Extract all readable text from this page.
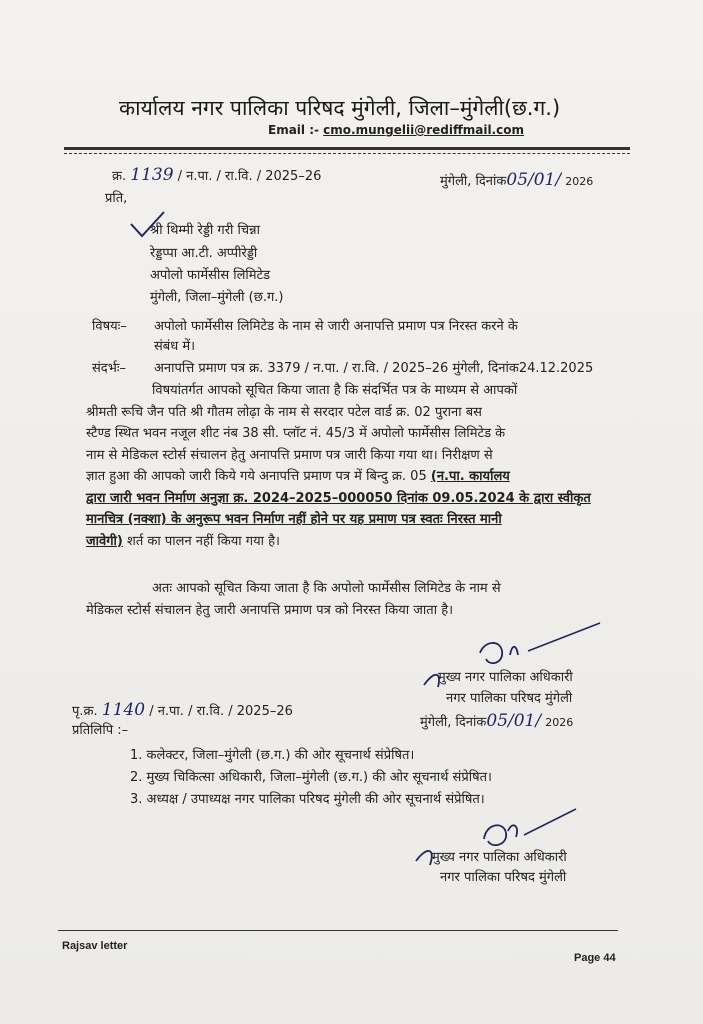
कार्यालय नगर पालिका परिषद मुंगेली, जिला–मुंगेली(छ.ग.)
Email :- cmo.mungelii@rediffmail.com
क्र. 1139 / न.पा. / रा.वि. / 2025–26	मुंगेली, दिनांक05/01/ 2026
प्रति,
श्री थिम्मी रेड्डी गरी चिन्ना
रेड्डप्पा आ.टी. अप्पीरेड्डी
अपोलो फार्मेसीस लिमिटेड
मुंगेली, जिला–मुंगेली (छ.ग.)
विषयः– अपोलो फार्मेसीस लिमिटेड के नाम से जारी अनापत्ति प्रमाण पत्र निरस्त करने के
संबंध में।
संदर्भः– अनापत्ति प्रमाण पत्र क्र. 3379 / न.पा. / रा.वि. / 2025–26 मुंगेली, दिनांक24.12.2025
विषयांतर्गत आपको सूचित किया जाता है कि संदर्भित पत्र के माध्यम से आपकों
श्रीमती रूचि जैन पति श्री गौतम लोढ़ा के नाम से सरदार पटेल वार्ड क्र. 02 पुराना बस
स्टैण्ड स्थित भवन नजूल शीट नंब 38 सी. प्लॉट नं. 45/3 में अपोलो फार्मेसीस लिमिटेड के
नाम से मेडिकल स्टोर्स संचालन हेतु अनापत्ति प्रमाण पत्र जारी किया गया था। निरीक्षण से
ज्ञात हुआ की आपको जारी किये गये अनापत्ति प्रमाण पत्र में बिन्दु क्र. 05 (न.पा. कार्यालय
द्वारा जारी भवन निर्माण अनुज्ञा क्र. 2024–2025–000050 दिनांक 09.05.2024 के द्वारा स्वीकृत
मानचित्र (नक्शा) के अनुरूप भवन निर्माण नहीं होने पर यह प्रमाण पत्र स्वतः निरस्त मानी
जावेगी) शर्त का पालन नहीं किया गया है।
अतः आपको सूचित किया जाता है कि अपोलो फार्मेसीस लिमिटेड के नाम से
मेडिकल स्टोर्स संचालन हेतु जारी अनापत्ति प्रमाण पत्र को निरस्त किया जाता है।
मुख्य नगर पालिका अधिकारी
नगर पालिका परिषद मुंगेली
मुंगेली, दिनांक05/01/ 2026
पृ.क्र. 1140 / न.पा. / रा.वि. / 2025–26
प्रतिलिपि :–
1. कलेक्टर, जिला–मुंगेली (छ.ग.) की ओर सूचनार्थ संप्रेषित।
2. मुख्य चिकित्सा अधिकारी, जिला–मुंगेली (छ.ग.) की ओर सूचनार्थ संप्रेषित।
3. अध्यक्ष / उपाध्यक्ष नगर पालिका परिषद मुंगेली की ओर सूचनार्थ संप्रेषित।
मुख्य नगर पालिका अधिकारी
नगर पालिका परिषद मुंगेली
Rajsav letter
Page 44
